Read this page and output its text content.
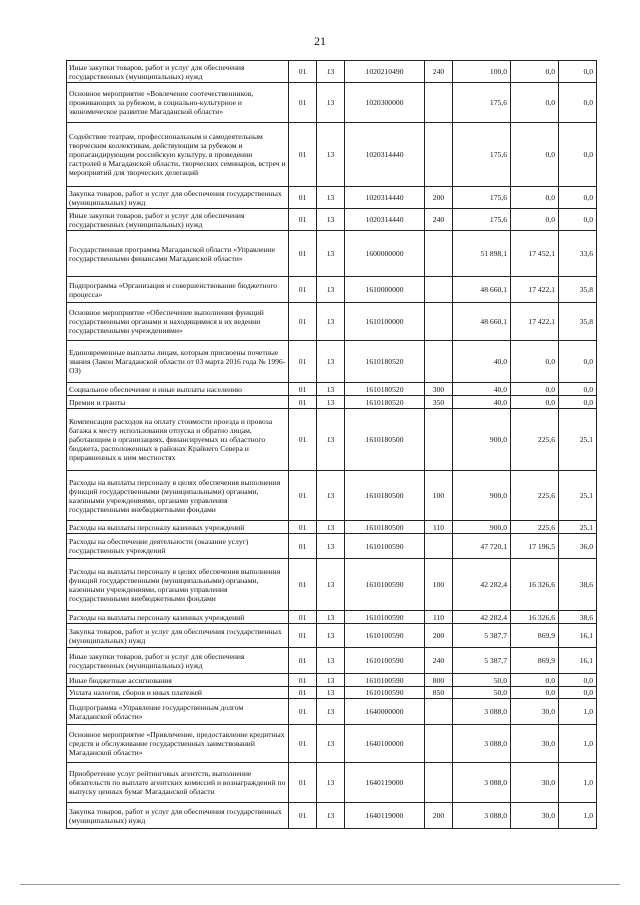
21
Иные закупки товаров, работ и услуг для обеспечения государственных (муниципальных) нужд	01	13	1020210490	240	100,0	0,0	0,0
Основное мероприятие «Вовлечение соотечественников, проживающих за рубежом, в социально-культурное и экономическое развитие Магаданской области»	01	13	1020300000		175,6	0,0	0,0
Содействие театрам, профессиональным и самодеятельным творческим коллективам, действующим за рубежом и пропагандирующим российскую культуру, в проведении гастролей в Магаданской области, творческих семинаров, встреч и мероприятий для творческих делегаций	01	13	1020314440		175,6	0,0	0,0
Закупка товаров, работ и услуг для обеспечения государственных (муниципальных) нужд	01	13	1020314440	200	175,6	0,0	0,0
Иные закупки товаров, работ и услуг для обеспечения государственных (муниципальных) нужд	01	13	1020314440	240	175,6	0,0	0,0
Государственная программа Магаданской области «Управление государственными финансами Магаданской области»	01	13	1600000000		51 898,1	17 452,1	33,6
Подпрограмма «Организация и совершенствование бюджетного процесса»	01	13	1610000000		48 660,1	17 422,1	35,8
Основное мероприятие «Обеспечение выполнения функций государственными органами и находящимися в их ведении государственными учреждениями»	01	13	1610100000		48 660,1	17 422,1	35,8
Единовременные выплаты лицам, которым присвоены почетные звания (Закон Магаданской области от 03 марта 2016 года № 1996-ОЗ)	01	13	1610180520		40,0	0,0	0,0
Социальное обеспечение и иные выплаты населению	01	13	1610180520	300	40,0	0,0	0,0
Премии и гранты	01	13	1610180520	350	40,0	0,0	0,0
Компенсация расходов на оплату стоимости проезда и провоза багажа к месту использования отпуска и обратно лицам, работающим в организациях, финансируемых из областного бюджета, расположенных в районах Крайнего Севера и приравненных к ним местностях	01	13	1610180500		900,0	225,6	25,1
Расходы на выплаты персоналу в целях обеспечения выполнения функций государственными (муниципальными) органами, казенными учреждениями, органами управления государственными внебюджетными фондами	01	13	1610180500	100	900,0	225,6	25,1
Расходы на выплаты персоналу казенных учреждений	01	13	1610180500	110	900,0	225,6	25,1
Расходы на обеспечение деятельности (оказание услуг) государственных учреждений	01	13	1610100590		47 720,1	17 196,5	36,0
Расходы на выплаты персоналу в целях обеспечения выполнения функций государственными (муниципальными) органами, казенными учреждениями, органами управления государственными внебюджетными фондами	01	13	1610100590	100	42 282,4	16 326,6	38,6
Расходы на выплаты персоналу казенных учреждений	01	13	1610100590	110	42 282,4	16 326,6	38,6
Закупка товаров, работ и услуг для обеспечения государственных (муниципальных) нужд	01	13	1610100590	200	5 387,7	869,9	16,1
Иные закупки товаров, работ и услуг для обеспечения государственных (муниципальных) нужд	01	13	1610100590	240	5 387,7	869,9	16,1
Иные бюджетные ассигнования	01	13	1610100590	800	50,0	0,0	0,0
Уплата налогов, сборов и иных платежей	01	13	1610100590	850	50,0	0,0	0,0
Подпрограмма «Управление государственным долгом Магаданской области»	01	13	1640000000		3 088,0	30,0	1,0
Основное мероприятие «Привлечение, предоставление кредитных средств и обслуживание государственных заимствований Магаданской области»	01	13	1640100000		3 088,0	30,0	1,0
Приобретение услуг рейтинговых агентств, выполнение обязательств по выплате агентских комиссий и вознаграждений по выпуску ценных бумаг Магаданской области	01	13	1640119000		3 088,0	30,0	1,0
Закупка товаров, работ и услуг для обеспечения государственных (муниципальных) нужд	01	13	1640119000	200	3 088,0	30,0	1,0
